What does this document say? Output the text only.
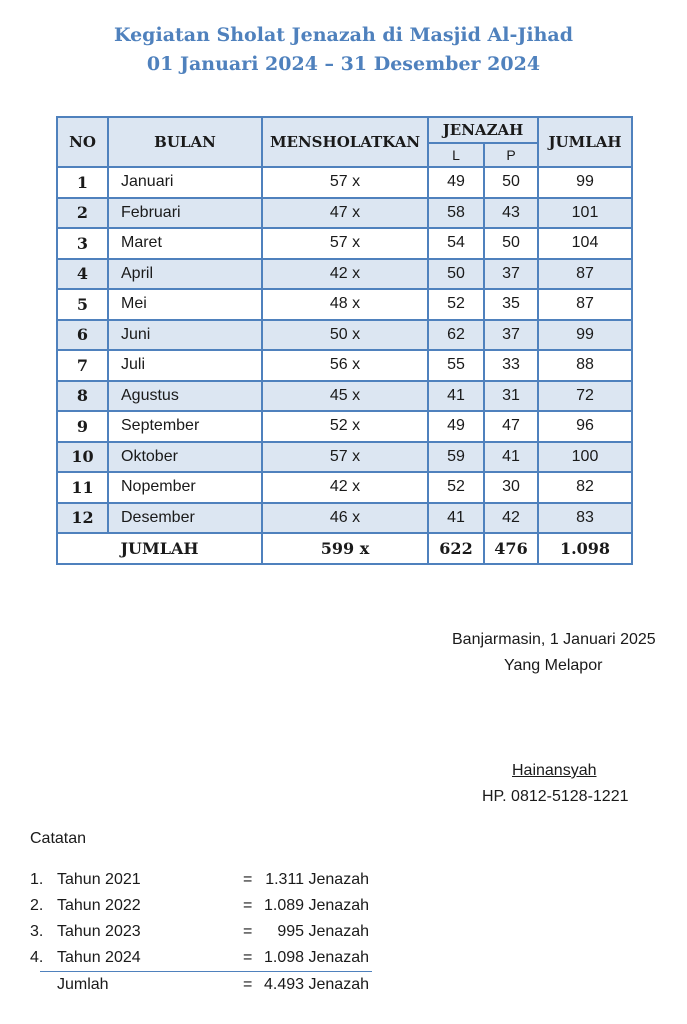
Kegiatan Sholat Jenazah di Masjid Al-Jihad
01 Januari 2024 – 31 Desember 2024
NO	BULAN	MENSHOLATKAN	JENAZAH		JUMLAH
			L	P	
1	Januari	57 x	49	50	99
2	Februari	47 x	58	43	101
3	Maret	57 x	54	50	104
4	April	42 x	50	37	87
5	Mei	48 x	52	35	87
6	Juni	50 x	62	37	99
7	Juli	56 x	55	33	88
8	Agustus	45 x	41	31	72
9	September	52 x	49	47	96
10	Oktober	57 x	59	41	100
11	Nopember	42 x	52	30	82
12	Desember	46 x	41	42	83
JUMLAH		599 x	622	476	1.098
Banjarmasin, 1 Januari 2025
Yang Melapor
Hainansyah
HP. 0812-5128-1221
Catatan
1. Tahun 2021	= 1.311 Jenazah
2. Tahun 2022	= 1.089 Jenazah
3. Tahun 2023	= 995 Jenazah
4. Tahun 2024	= 1.098 Jenazah
Jumlah	= 4.493 Jenazah
